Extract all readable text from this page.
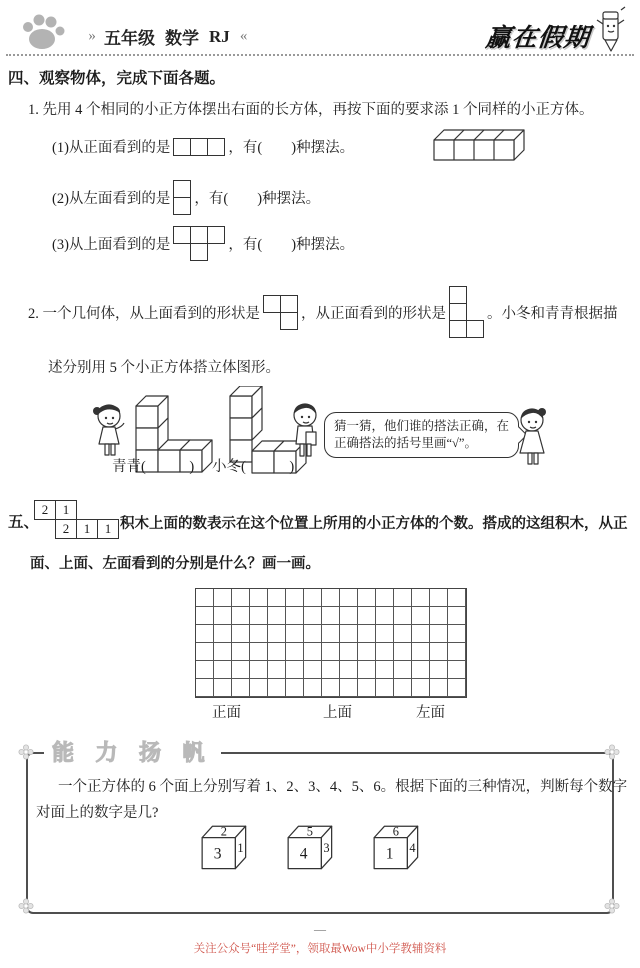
›› 五年级 数学 RJ ‹‹	赢在假期
四、观察物体，完成下面各题。
1. 先用 4 个相同的小正方体摆出右面的长方体，再按下面的要求添 1 个同样的小正方体。
(1)从正面看到的是
			，有(　　)种摆法。
(2)从左面看到的是 ，有(　　)种摆法。
(3)从上面看到的是

			，有(　　)种摆法。
2. 一个几何体，从上面看到的形状是

		，从正面看到的形状是

		。小冬和青青根据描
述分别用 5 个小正方体搭立体图形。
猜一猜，他们谁的搭法正确，在
正确搭法的括号里画“√”。
青青(　　　) 小冬(　　　)
五、
2	1		
	2	1	1 积木上面的数表示在这个位置上所用的小正方体的个数。搭成的这组积木，从正
面、上面、左面看到的分别是什么？画一画。
正面	上面	左面
能 力 扬 帆
一个正方体的 6 个面上分别写着 1、2、3、4、5、6。根据下面的三种情况，判断每个数字
对面上的数字是几?
2
3 1
5
4 3
6
1 4
—
关注公众号“哇学堂”，领取最Wow中小学教辅资料
